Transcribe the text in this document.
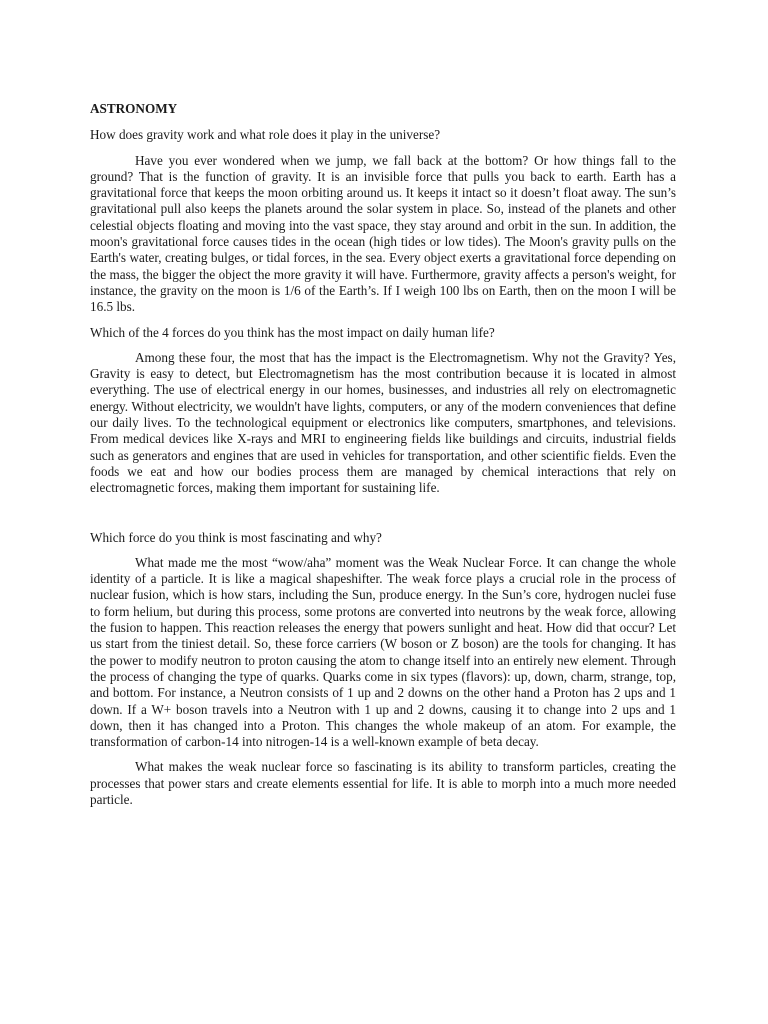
ASTRONOMY
How does gravity work and what role does it play in the universe?
Have you ever wondered when we jump, we fall back at the bottom? Or how things fall to the ground? That is the function of gravity. It is an invisible force that pulls you back to earth. Earth has a gravitational force that keeps the moon orbiting around us. It keeps it intact so it doesn’t float away. The sun’s gravitational pull also keeps the planets around the solar system in place. So, instead of the planets and other celestial objects floating and moving into the vast space, they stay around and orbit in the sun. In addition, the moon's gravitational force causes tides in the ocean (high tides or low tides). The Moon's gravity pulls on the Earth's water, creating bulges, or tidal forces, in the sea. Every object exerts a gravitational force depending on the mass, the bigger the object the more gravity it will have. Furthermore, gravity affects a person's weight, for instance, the gravity on the moon is 1/6 of the Earth’s. If I weigh 100 lbs on Earth, then on the moon I will be 16.5 lbs.
Which of the 4 forces do you think has the most impact on daily human life?
Among these four, the most that has the impact is the Electromagnetism. Why not the Gravity? Yes, Gravity is easy to detect, but Electromagnetism has the most contribution because it is located in almost everything. The use of electrical energy in our homes, businesses, and industries all rely on electromagnetic energy. Without electricity, we wouldn't have lights, computers, or any of the modern conveniences that define our daily lives. To the technological equipment or electronics like computers, smartphones, and televisions. From medical devices like X-rays and MRI to engineering fields like buildings and circuits, industrial fields such as generators and engines that are used in vehicles for transportation, and other scientific fields. Even the foods we eat and how our bodies process them are managed by chemical interactions that rely on electromagnetic forces, making them important for sustaining life.
Which force do you think is most fascinating and why?
What made me the most “wow/aha” moment was the Weak Nuclear Force. It can change the whole identity of a particle. It is like a magical shapeshifter. The weak force plays a crucial role in the process of nuclear fusion, which is how stars, including the Sun, produce energy. In the Sun’s core, hydrogen nuclei fuse to form helium, but during this process, some protons are converted into neutrons by the weak force, allowing the fusion to happen. This reaction releases the energy that powers sunlight and heat. How did that occur? Let us start from the tiniest detail. So, these force carriers (W boson or Z boson) are the tools for changing. It has the power to modify neutron to proton causing the atom to change itself into an entirely new element. Through the process of changing the type of quarks. Quarks come in six types (flavors): up, down, charm, strange, top, and bottom. For instance, a Neutron consists of 1 up and 2 downs on the other hand a Proton has 2 ups and 1 down. If a W+ boson travels into a Neutron with 1 up and 2 downs, causing it to change into 2 ups and 1 down, then it has changed into a Proton. This changes the whole makeup of an atom. For example, the transformation of carbon-14 into nitrogen-14 is a well-known example of beta decay.
What makes the weak nuclear force so fascinating is its ability to transform particles, creating the processes that power stars and create elements essential for life. It is able to morph into a much more needed particle.
